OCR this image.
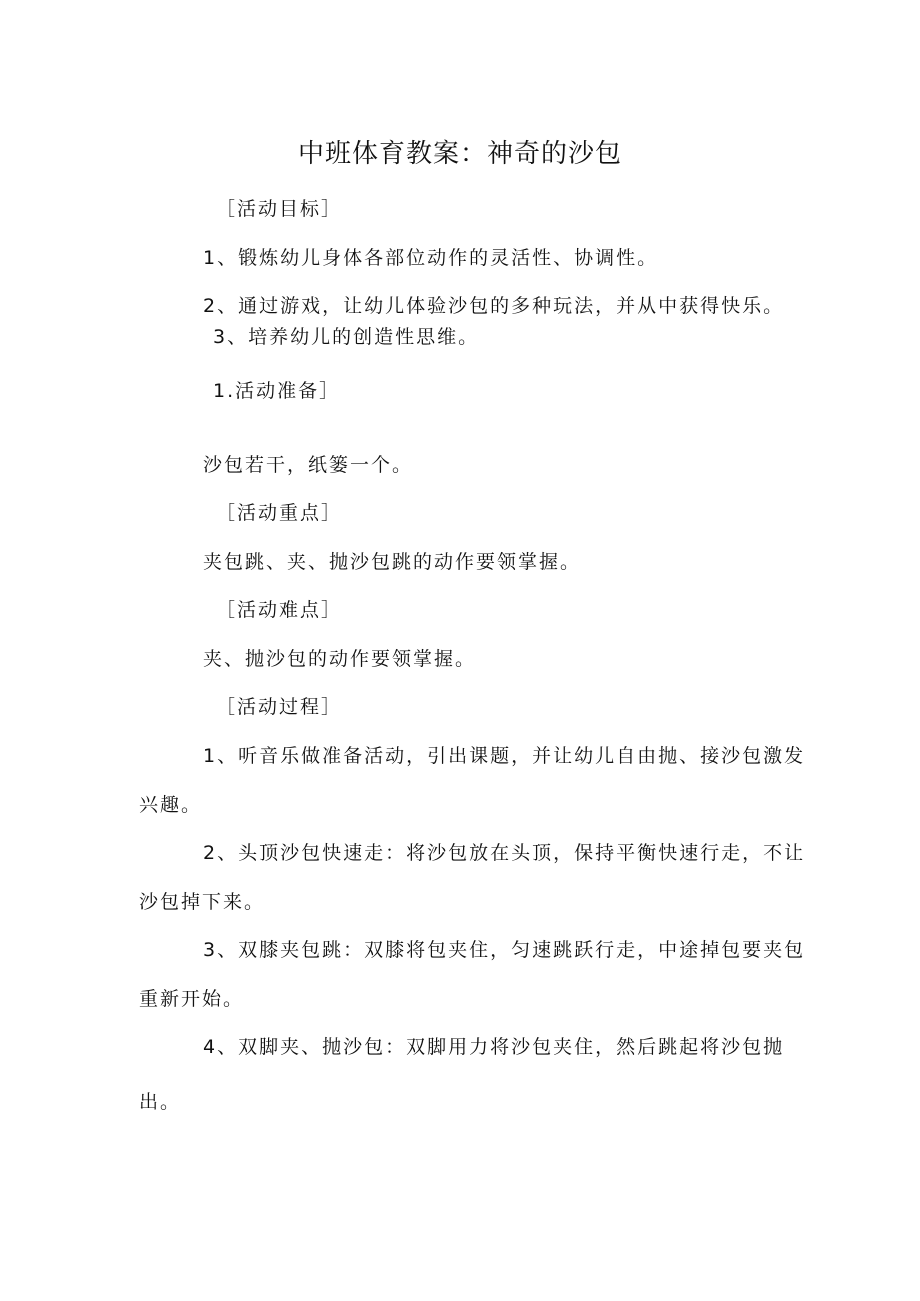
中班体育教案：神奇的沙包
［活动目标］
1、锻炼幼儿身体各部位动作的灵活性、协调性。
2、通过游戏，让幼儿体验沙包的多种玩法，并从中获得快乐。
3、培养幼儿的创造性思维。
1.活动准备］
沙包若干，纸篓一个。
［活动重点］
夹包跳、夹、抛沙包跳的动作要领掌握。
［活动难点］
夹、抛沙包的动作要领掌握。
［活动过程］
1、听音乐做准备活动，引出课题，并让幼儿自由抛、接沙包激发
兴趣。
2、头顶沙包快速走：将沙包放在头顶，保持平衡快速行走，不让
沙包掉下来。
3、双膝夹包跳：双膝将包夹住，匀速跳跃行走，中途掉包要夹包
重新开始。
4、双脚夹、抛沙包：双脚用力将沙包夹住，然后跳起将沙包抛
出。
